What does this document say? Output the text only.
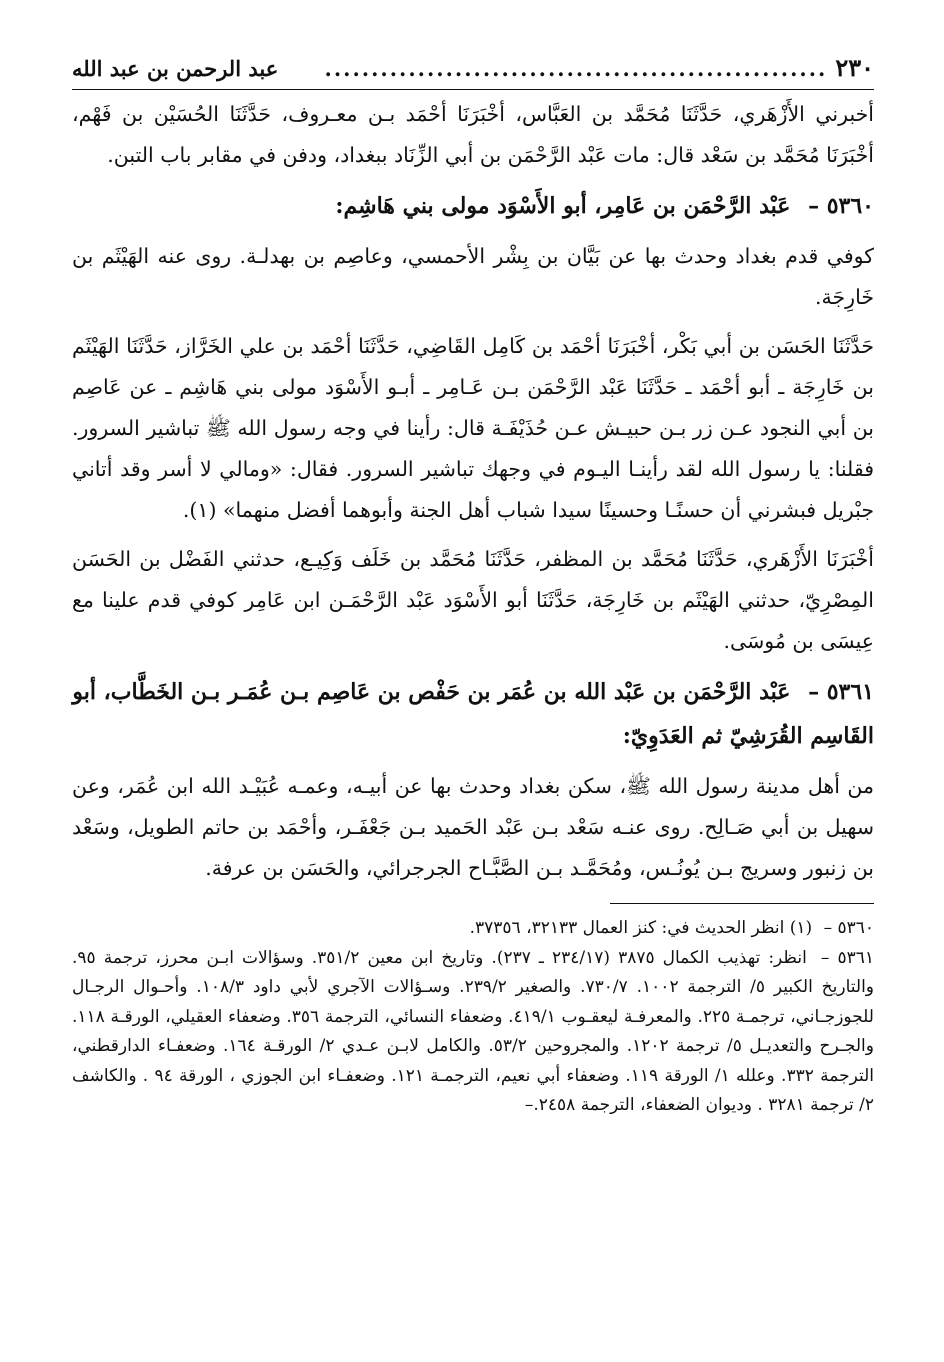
٢٣٠
......................................................
عبد الرحمن بن عبد الله

أخبرني الأَزْهَري، حَدَّثَنَا مُحَمَّد بن العَبَّاس، أخْبَرَنَا أحْمَد بـن معـروف، حَدَّثَنَا الحُسَيْن بن فَهْم، أخْبَرَنَا مُحَمَّد بن سَعْد قال: مات عَبْد الرَّحْمَن بن أبي الزِّنَاد ببغداد، ودفن في مقابر باب التبن.

٥٣٦٠ – عَبْد الرَّحْمَن بن عَامِر، أبو الأَسْوَد مولى بني هَاشِم:

كوفي قدم بغداد وحدث بها عن بَيَّان بن بِشْر الأحمسي، وعاصِم بن بهدلـة. روى عنه الهَيْثَم بن خَارِجَة.

حَدَّثَنَا الحَسَن بن أبي بَكْر، أخْبَرَنَا أحْمَد بن كَامِل القَاضِي، حَدَّثَنَا أحْمَد بن علي الخَرَّاز، حَدَّثَنَا الهَيْثَم بن خَارِجَة ـ أبو أحْمَد ـ حَدَّثَنَا عَبْد الرَّحْمَن بـن عَـامِر ـ أبـو الأَسْوَد مولى بني هَاشِم ـ عن عَاصِم بن أبي النجود عـن زر بـن حبيـش عـن حُذَيْفَـة قال: رأينا في وجه رسول الله ﷺ تباشير السرور. فقلنا: يا رسول الله لقد رأينـا اليـوم في وجهك تباشير السرور. فقال: «ومالي لا أسر وقد أتاني جبْريل فبشرني أن حسنًـا وحسينًا سيدا شباب أهل الجنة وأبوهما أفضل منهما» (١).

أخْبَرَنَا الأَزْهَري، حَدَّثَنَا مُحَمَّد بن المظفر، حَدَّثَنَا مُحَمَّد بن خَلَف وَكِيـع، حدثني الفَضْل بن الحَسَن المِصْرِيّ، حدثني الهَيْثَم بن خَارِجَة، حَدَّثَنَا أبو الأَسْوَد عَبْد الرَّحْمَـن ابن عَامِر كوفي قدم علينا مع عِيسَى بن مُوسَى.

٥٣٦١ – عَبْد الرَّحْمَن بن عَبْد الله بن عُمَر بن حَفْص بن عَاصِم بـن عُمَـر بـن الخَطَّاب، أبو القَاسِم القُرَشِيّ ثم العَدَوِيّ:

من أهل مدينة رسول الله ﷺ، سكن بغداد وحدث بها عن أبيـه، وعمـه عُبَيْـد الله ابن عُمَر، وعن سهيل بن أبي صَـالِح. روى عنـه سَعْد بـن عَبْد الحَميد بـن جَعْفَـر، وأحْمَد بن حاتم الطويل، وسَعْد بن زنبور وسريج بـن يُونُـس، ومُحَمَّـد بـن الصَّبَّـاح الجرجرائي، والحَسَن بن عرفة.

٥٣٦٠ – (١) انظر الحديث في: كنز العمال ٣٢١٣٣، ٣٧٣٥٦.

٥٣٦١ – انظر: تهذيب الكمال ٣٨٧٥ (٢٣٤/١٧ ـ ٢٣٧). وتاريخ ابن معين ٣٥١/٢. وسؤالات ابـن محرز، ترجمة ٩٥. والتاريخ الكبير ٥/ الترجمة ١٠٠٢. ٧٣٠/٧. والصغير ٢٣٩/٢. وسـؤالات الآجري لأبي داود ١٠٨/٣. وأحـوال الرجـال للجوزجـاني، ترجمـة ٢٢٥. والمعرفـة ليعقـوب ٤١٩/١. وضعفاء النسائي، الترجمة ٣٥٦. وضعفاء العقيلي، الورقـة ١١٨. والجـرح والتعديـل ٥/ ترجمة ١٢٠٢. والمجروحين ٥٣/٢. والكامل لابـن عـدي ٢/ الورقـة ١٦٤. وضعفـاء الدارقطني، الترجمة ٣٣٢. وعلله ١/ الورقة ١١٩. وضعفاء أبي نعيم، الترجمـة ١٢١. وضعفـاء ابن الجوزي ، الورقة ٩٤ . والكاشف ٢/ ترجمة ٣٢٨١ . وديوان الضعفاء، الترجمة ٢٤٥٨.–
